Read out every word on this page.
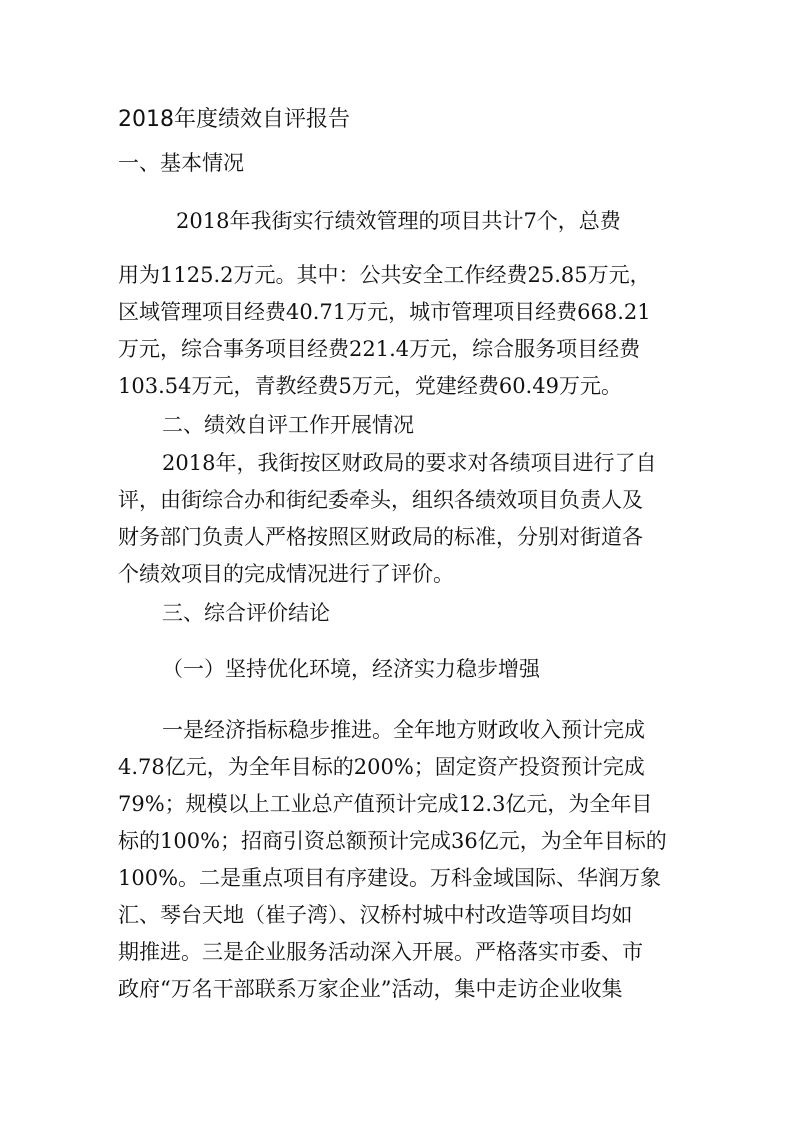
2018年度绩效自评报告
一、基本情况
2018年我街实行绩效管理的项目共计7个，总费
用为1125.2万元。其中：公共安全工作经费25.85万元，
区域管理项目经费40.71万元，城市管理项目经费668.21
万元，综合事务项目经费221.4万元，综合服务项目经费
103.54万元，青教经费5万元，党建经费60.49万元。
二、绩效自评工作开展情况
2018年，我街按区财政局的要求对各绩项目进行了自
评，由街综合办和街纪委牵头，组织各绩效项目负责人及
财务部门负责人严格按照区财政局的标准，分别对街道各
个绩效项目的完成情况进行了评价。
三、综合评价结论
（一）坚持优化环境，经济实力稳步增强
一是经济指标稳步推进。全年地方财政收入预计完成
4.78亿元，为全年目标的200%；固定资产投资预计完成
79%；规模以上工业总产值预计完成12.3亿元，为全年目
标的100%；招商引资总额预计完成36亿元，为全年目标的
100%。二是重点项目有序建设。万科金域国际、华润万象
汇、琴台天地（崔子湾）、汉桥村城中村改造等项目均如
期推进。三是企业服务活动深入开展。严格落实市委、市
政府“万名干部联系万家企业”活动，集中走访企业收集
